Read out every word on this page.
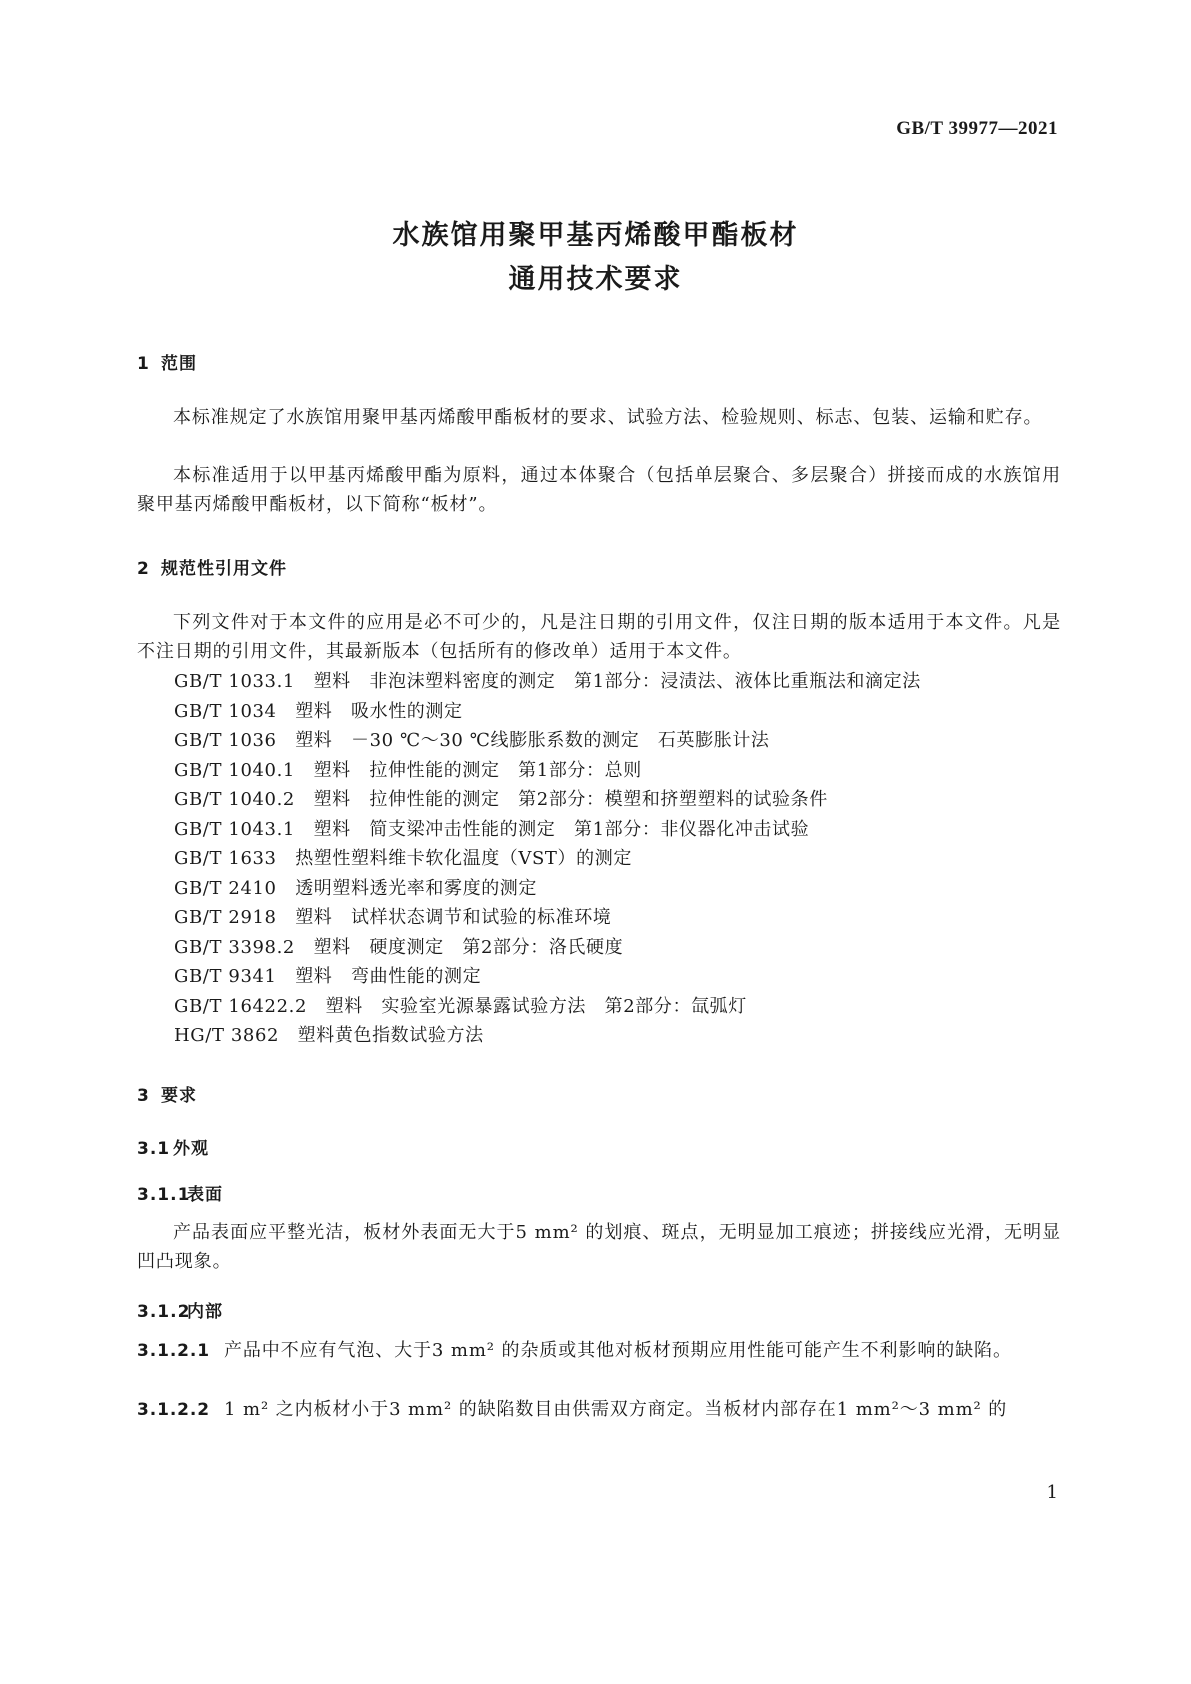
GB/T 39977—2021
水族馆用聚甲基丙烯酸甲酯板材
通用技术要求
1 范围
本标准规定了水族馆用聚甲基丙烯酸甲酯板材的要求、试验方法、检验规则、标志、包装、运输和贮存。
本标准适用于以甲基丙烯酸甲酯为原料，通过本体聚合（包括单层聚合、多层聚合）拼接而成的水族馆用聚甲基丙烯酸甲酯板材，以下简称“板材”。
2 规范性引用文件
下列文件对于本文件的应用是必不可少的，凡是注日期的引用文件，仅注日期的版本适用于本文件。凡是不注日期的引用文件，其最新版本（包括所有的修改单）适用于本文件。
GB/T 1033.1　塑料　非泡沫塑料密度的测定　第1部分：浸渍法、液体比重瓶法和滴定法
GB/T 1034　塑料　吸水性的测定
GB/T 1036　塑料　－30 ℃～30 ℃线膨胀系数的测定　石英膨胀计法
GB/T 1040.1　塑料　拉伸性能的测定　第1部分：总则
GB/T 1040.2　塑料　拉伸性能的测定　第2部分：模塑和挤塑塑料的试验条件
GB/T 1043.1　塑料　简支梁冲击性能的测定　第1部分：非仪器化冲击试验
GB/T 1633　热塑性塑料维卡软化温度（VST）的测定
GB/T 2410　透明塑料透光率和雾度的测定
GB/T 2918　塑料　试样状态调节和试验的标准环境
GB/T 3398.2　塑料　硬度测定　第2部分：洛氏硬度
GB/T 9341　塑料　弯曲性能的测定
GB/T 16422.2　塑料　实验室光源暴露试验方法　第2部分：氙弧灯
HG/T 3862　塑料黄色指数试验方法
3 要求
3.1 外观
3.1.1表面
产品表面应平整光洁，板材外表面无大于5 mm² 的划痕、斑点，无明显加工痕迹；拼接线应光滑，无明显凹凸现象。
3.1.2内部
3.1.2.1 产品中不应有气泡、大于3 mm² 的杂质或其他对板材预期应用性能可能产生不利影响的缺陷。
3.1.2.2 1 m² 之内板材小于3 mm² 的缺陷数目由供需双方商定。当板材内部存在1 mm²～3 mm² 的
1
